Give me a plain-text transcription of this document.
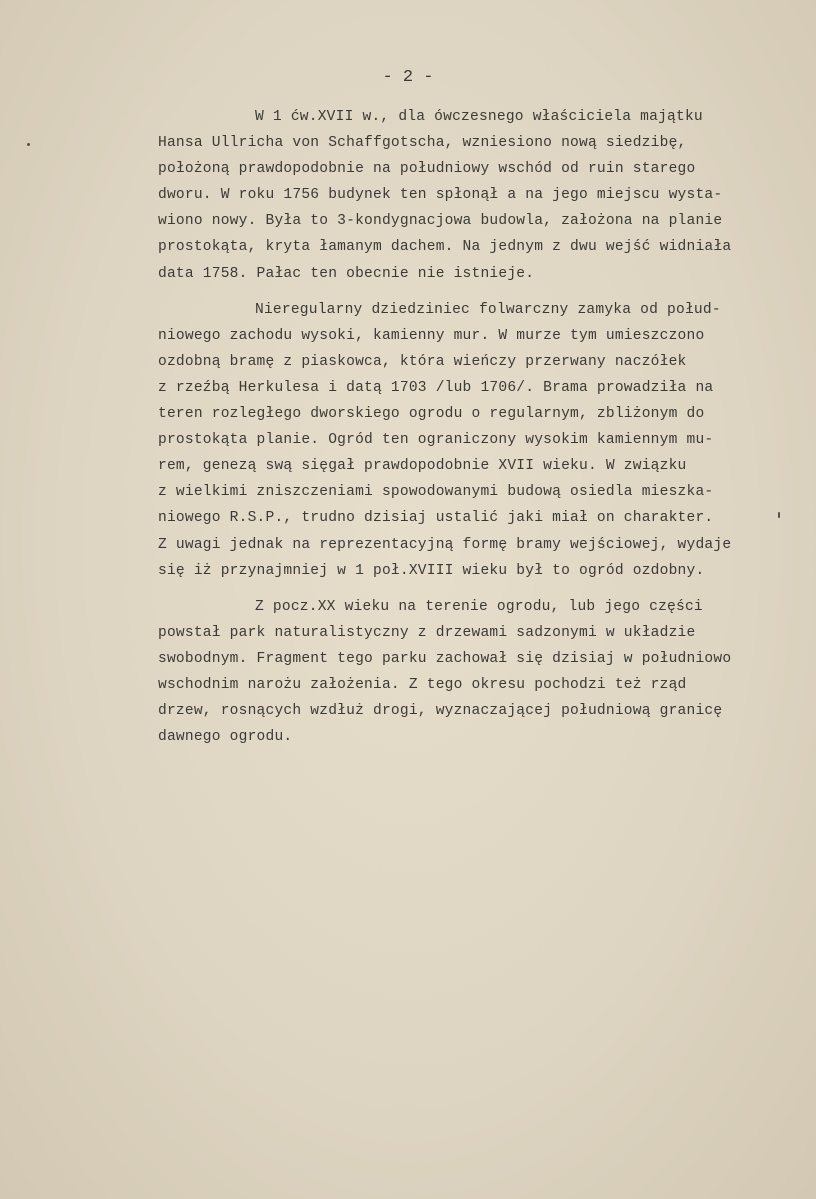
- 2 -
W 1 ćw.XVII w., dla ówczesnego właściciela majątku
Hansa Ullricha von Schaffgotscha, wzniesiono nową siedzibę,
położoną prawdopodobnie na południowy wschód od ruin starego
dworu. W roku 1756 budynek ten spłonął a na jego miejscu wysta-
wiono nowy. Była to 3-kondygnacjowa budowla, założona na planie
prostokąta, kryta łamanym dachem. Na jednym z dwu wejść widniała
data 1758. Pałac ten obecnie nie istnieje.
Nieregularny dziedziniec folwarczny zamyka od połud-
niowego zachodu wysoki, kamienny mur. W murze tym umieszczono
ozdobną bramę z piaskowca, która wieńczy przerwany naczółek
z rzeźbą Herkulesa i datą 1703 /lub 1706/. Brama prowadziła na
teren rozległego dworskiego ogrodu o regularnym, zbliżonym do
prostokąta planie. Ogród ten ograniczony wysokim kamiennym mu-
rem, genezą swą sięgał prawdopodobnie XVII wieku. W związku
z wielkimi zniszczeniami spowodowanymi budową osiedla mieszka-
niowego R.S.P., trudno dzisiaj ustalić jaki miał on charakter.
Z uwagi jednak na reprezentacyjną formę bramy wejściowej, wydaje
się iż przynajmniej w 1 poł.XVIII wieku był to ogród ozdobny.
Z pocz.XX wieku na terenie ogrodu, lub jego części
powstał park naturalistyczny z drzewami sadzonymi w układzie
swobodnym. Fragment tego parku zachował się dzisiaj w południowo
wschodnim narożu założenia. Z tego okresu pochodzi też rząd
drzew, rosnących wzdłuż drogi, wyznaczającej południową granicę
dawnego ogrodu.
